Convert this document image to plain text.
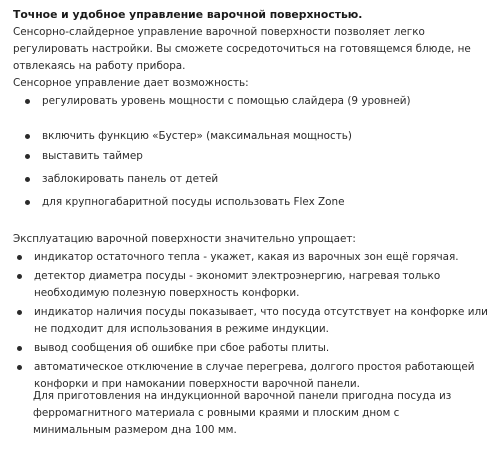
Точное и удобное управление варочной поверхностью.

Сенсорно-слайдерное управление варочной поверхности позволяет легко регулировать настройки. Вы сможете сосредоточиться на готовящемся блюде, не отвлекаясь на работу прибора.

Сенсорное управление дает возможность:

регулировать уровень мощности с помощью слайдера (9 уровней)
включить функцию «Бустер» (максимальная мощность)
выставить таймер
заблокировать панель от детей
для крупногабаритной посуды использовать Flex Zone
Эксплуатацию варочной поверхности значительно упрощает:
индикатор остаточного тепла - укажет, какая из варочных зон ещё горячая.
детектор диаметра посуды - экономит электроэнергию, нагревая только необходимую полезную поверхность конфорки.
индикатор наличия посуды показывает, что посуда отсутствует на конфорке или не подходит для использования в режиме индукции.
вывод сообщения об ошибке при сбое работы плиты.
автоматическое отключение в случае перегрева, долгого простоя работающей конфорки и при намокании поверхности варочной панели.
Для приготовления на индукционной варочной панели пригодна посуда из ферромагнитного материала с ровными краями и плоским дном с минимальным размером дна 100 мм.
